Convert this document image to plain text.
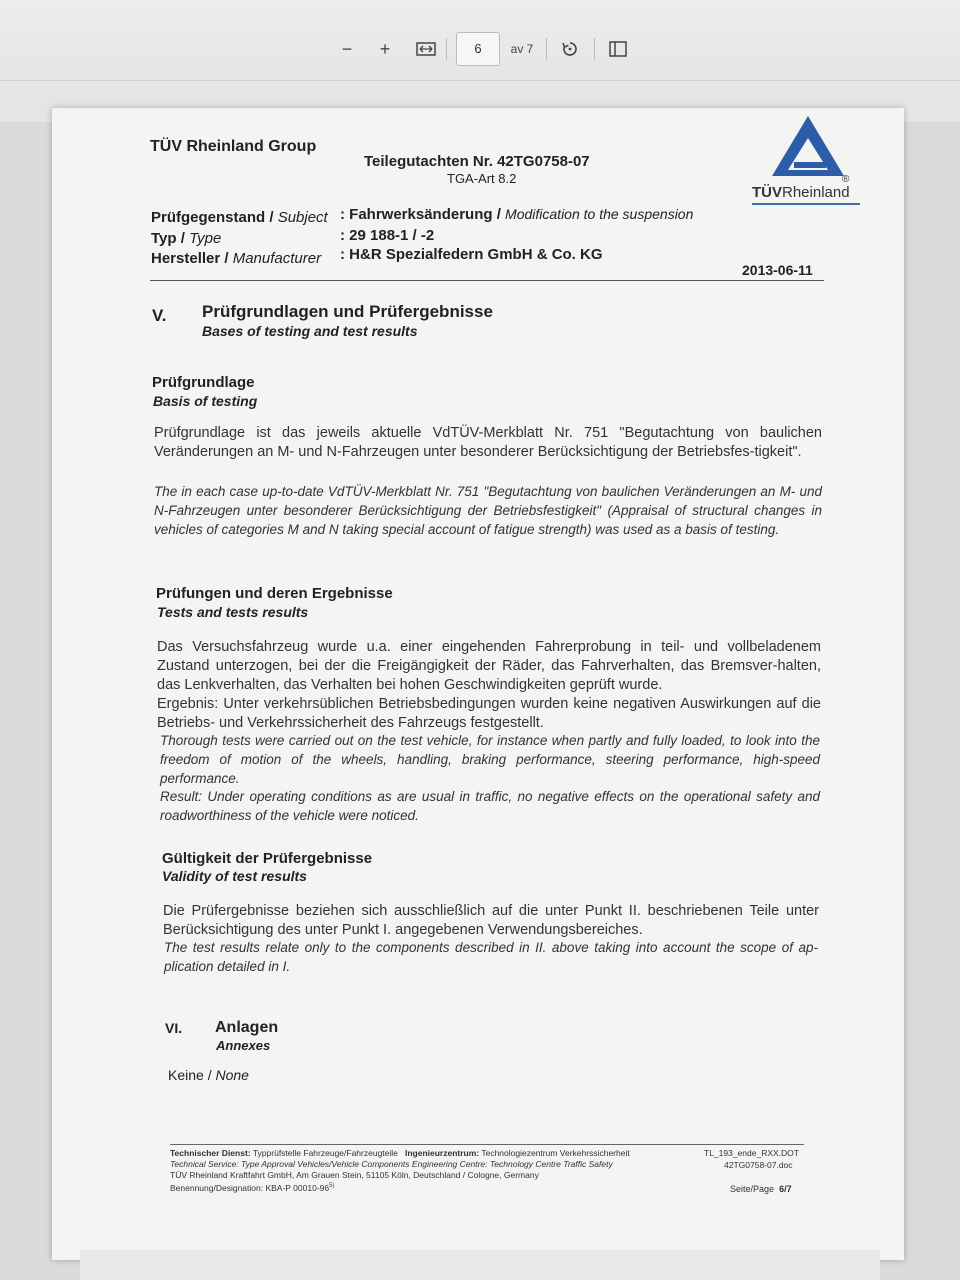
−	+	6	av 7
TÜV Rheinland Group
Teilegutachten Nr. 42TG0758-07
TGA-Art 8.2	®
TÜVRheinland
Prüfgegenstand / Subject : Fahrwerksänderung / Modification to the suspension
Typ / Type	: 29 188-1 / -2
Hersteller / Manufacturer : H&R Spezialfedern GmbH & Co. KG
2013-06-11
V. Prüfgrundlagen und Prüfergebnisse
Bases of testing and test results
Prüfgrundlage
Basis of testing
Prüfgrundlage ist das jeweils aktuelle VdTÜV-Merkblatt Nr. 751 "Begutachtung von baulichen Veränderungen an M- und N-Fahrzeugen unter besonderer Berücksichtigung der Betriebsfes-tigkeit".
The in each case up-to-date VdTÜV-Merkblatt Nr. 751 "Begutachtung von baulichen Veränderungen an M- und N-Fahrzeugen unter besonderer Berücksichtigung der Betriebsfestigkeit" (Appraisal of structural changes in vehicles of categories M and N taking special account of fatigue strength) was used as a basis of testing.
Prüfungen und deren Ergebnisse
Tests and tests results
Das Versuchsfahrzeug wurde u.a. einer eingehenden Fahrerprobung in teil- und vollbeladenem Zustand unterzogen, bei der die Freigängigkeit der Räder, das Fahrverhalten, das Bremsver-halten, das Lenkverhalten, das Verhalten bei hohen Geschwindigkeiten geprüft wurde.
Ergebnis: Unter verkehrsüblichen Betriebsbedingungen wurden keine negativen Auswirkungen auf die Betriebs- und Verkehrssicherheit des Fahrzeugs festgestellt.
Thorough tests were carried out on the test vehicle, for instance when partly and fully loaded, to look into the freedom of motion of the wheels, handling, braking performance, steering performance, high-speed performance.
Result: Under operating conditions as are usual in traffic, no negative effects on the operational safety and roadworthiness of the vehicle were noticed.
Gültigkeit der Prüfergebnisse
Validity of test results
Die Prüfergebnisse beziehen sich ausschließlich auf die unter Punkt II. beschriebenen Teile unter Berücksichtigung des unter Punkt I. angegebenen Verwendungsbereiches.
The test results relate only to the components described in II. above taking into account the scope of ap-plication detailed in I.
VI. Anlagen
Annexes
Keine / None
Technischer Dienst: Typprüfstelle Fahrzeuge/Fahrzeugteile Ingenieurzentrum: Technologiezentrum Verkehrssicherheit
Technical Service: Type Approval Vehicles/Vehicle Components Engineering Centre: Technology Centre Traffic Safety
TÜV Rheinland Kraftfahrt GmbH, Am Grauen Stein, 51105 Köln, Deutschland / Cologne, Germany
Benennung/Designation: KBA-P 00010-96$^{5)}$
TL_193_ende_RXX.DOT
42TG0758-07.doc
Seite/Page 6/7
